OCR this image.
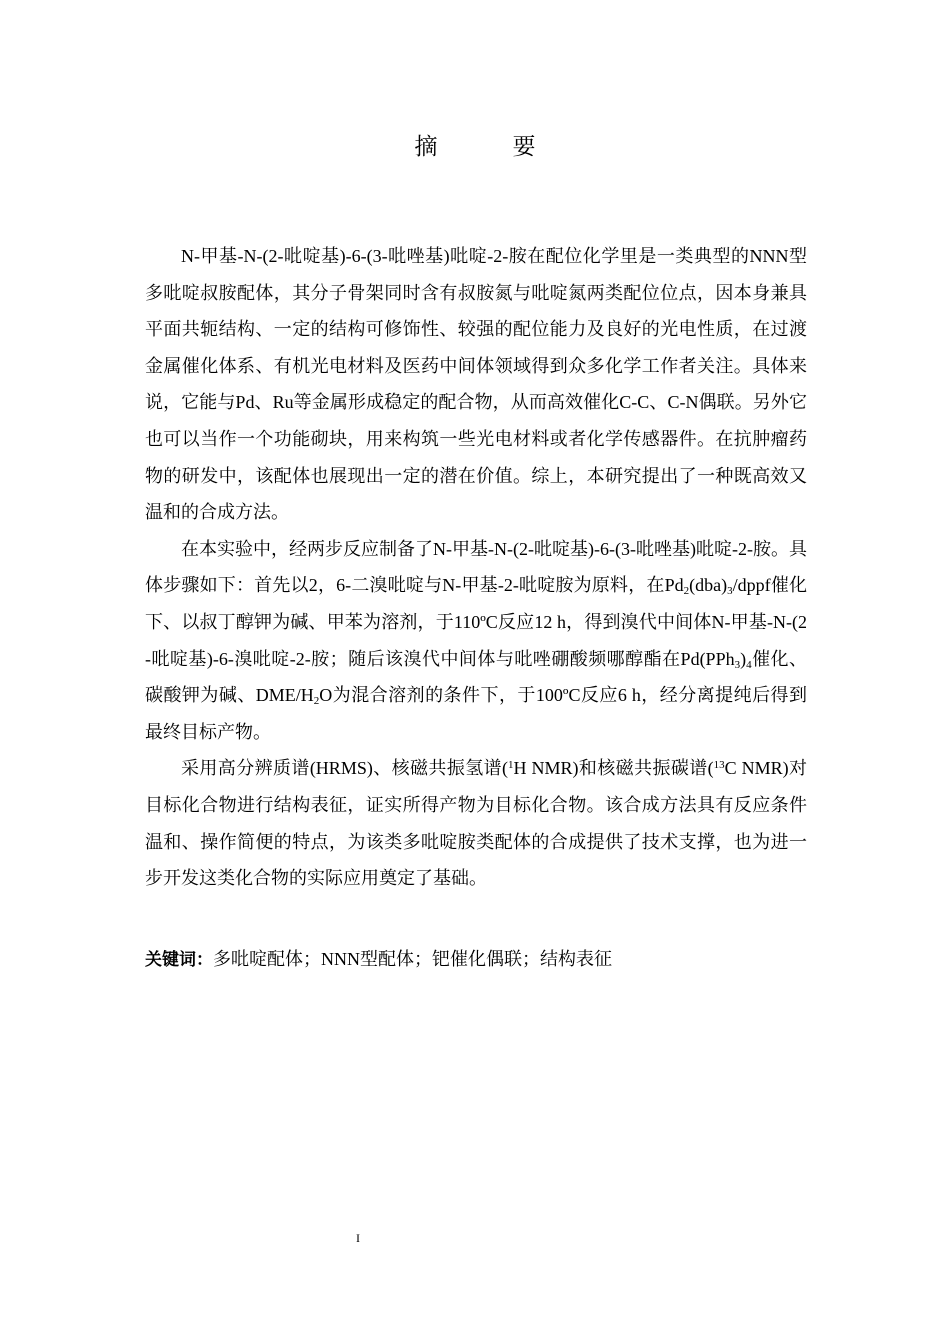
摘　要

N-甲基-N-(2-吡啶基)-6-(3-吡唑基)吡啶-2-胺在配位化学里是一类典型的NNN型多吡啶叔胺配体，其分子骨架同时含有叔胺氮与吡啶氮两类配位位点，因本身兼具平面共轭结构、一定的结构可修饰性、较强的配位能力及良好的光电性质，在过渡金属催化体系、有机光电材料及医药中间体领域得到众多化学工作者关注。具体来说，它能与Pd、Ru等金属形成稳定的配合物，从而高效催化C-C、C-N偶联。另外它也可以当作一个功能砌块，用来构筑一些光电材料或者化学传感器件。在抗肿瘤药物的研发中，该配体也展现出一定的潜在价值。综上，本研究提出了一种既高效又温和的合成方法。

在本实验中，经两步反应制备了N-甲基-N-(2-吡啶基)-6-(3-吡唑基)吡啶-2-胺。具体步骤如下：首先以2，6-二溴吡啶与N-甲基-2-吡啶胺为原料，在$Pd_2(dba)_3$/dppf催化下、以叔丁醇钾为碱、甲苯为溶剂，于110ºC反应12 h，得到溴代中间体N-甲基-N-(2-吡啶基)-6-溴吡啶-2-胺；随后该溴代中间体与吡唑硼酸频哪醇酯在$Pd(PPh_3)_4$催化、碳酸钾为碱、DME/$H_2O$为混合溶剂的条件下，于100ºC反应6 h，经分离提纯后得到最终目标产物。

采用高分辨质谱(HRMS)、核磁共振氢谱($^1$H NMR)和核磁共振碳谱($^{13}$C NMR)对目标化合物进行结构表征，证实所得产物为目标化合物。该合成方法具有反应条件温和、操作简便的特点，为该类多吡啶胺类配体的合成提供了技术支撑，也为进一步开发这类化合物的实际应用奠定了基础。

关键词：多吡啶配体；NNN型配体；钯催化偶联；结构表征

I
